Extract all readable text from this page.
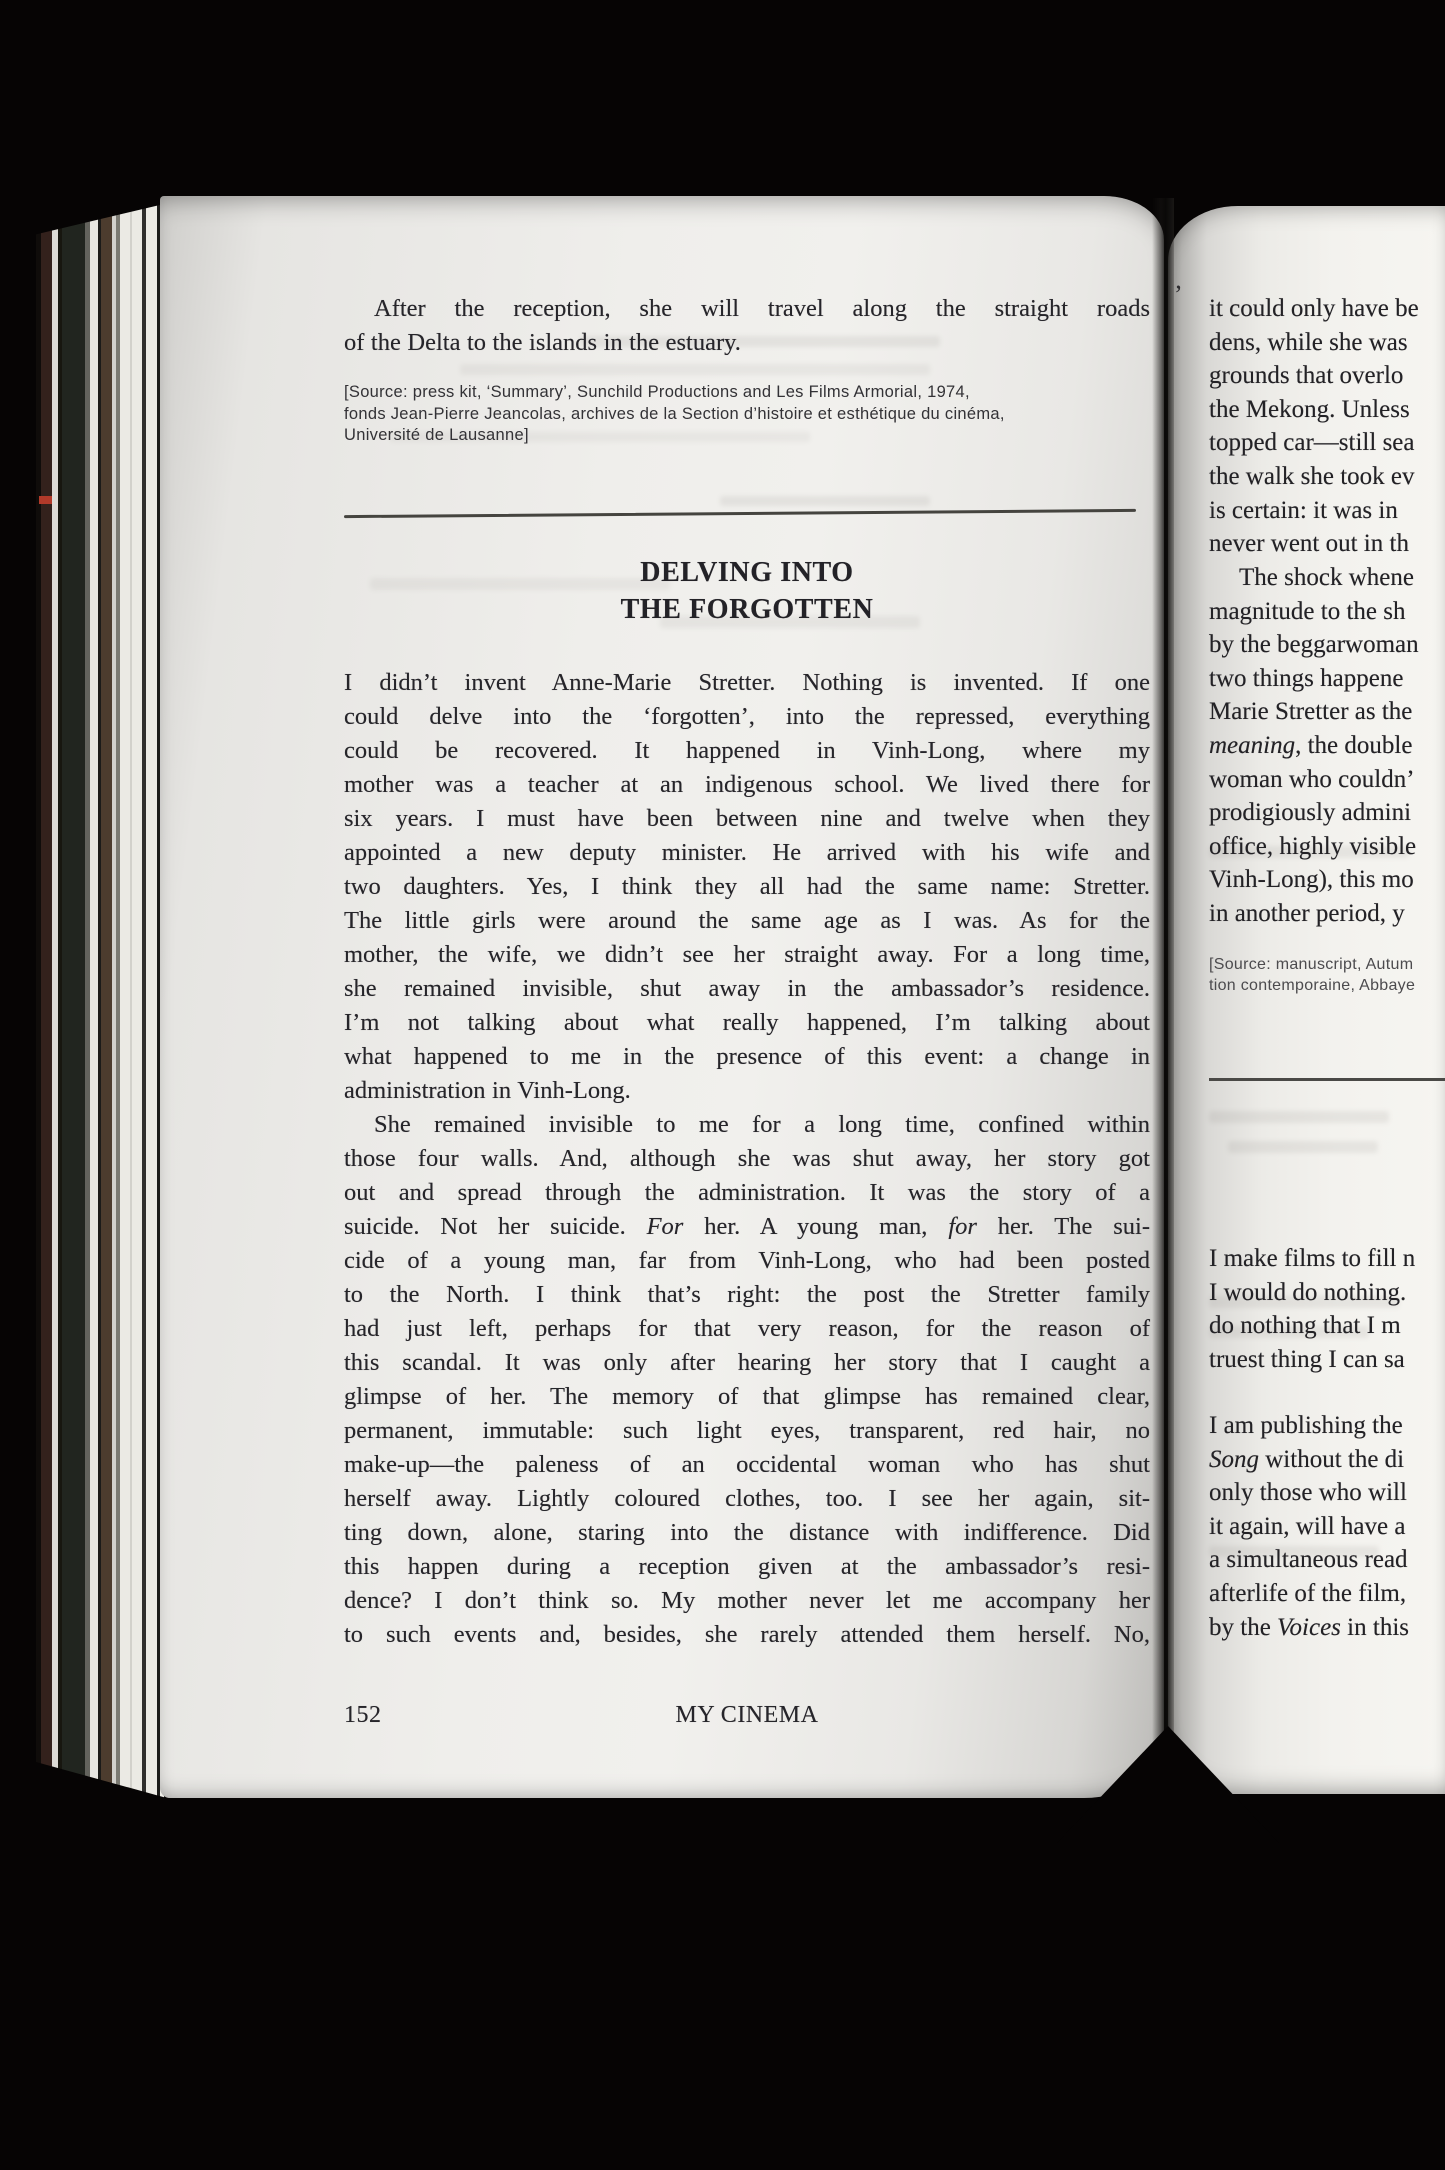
After the reception, she will travel along the straight roads
of the Delta to the islands in the estuary.
[Source: press kit, ‘Summary’, Sunchild Productions and Les Films Armorial, 1974,
fonds Jean-Pierre Jeancolas, archives de la Section d’histoire et esthétique du cinéma,
Université de Lausanne]
DELVING INTO
THE FORGOTTEN
I didn’t invent Anne-Marie Stretter. Nothing is invented. If one
could delve into the ‘forgotten’, into the repressed, everything
could be recovered. It happened in Vinh-Long, where my
mother was a teacher at an indigenous school. We lived there for
six years. I must have been between nine and twelve when they
appointed a new deputy minister. He arrived with his wife and
two daughters. Yes, I think they all had the same name: Stretter.
The little girls were around the same age as I was. As for the
mother, the wife, we didn’t see her straight away. For a long time,
she remained invisible, shut away in the ambassador’s residence.
I’m not talking about what really happened, I’m talking about
what happened to me in the presence of this event: a change in
administration in Vinh-Long.
She remained invisible to me for a long time, confined within
those four walls. And, although she was shut away, her story got
out and spread through the administration. It was the story of a
suicide. Not her suicide. For her. A young man, for her. The sui-
cide of a young man, far from Vinh-Long, who had been posted
to the North. I think that’s right: the post the Stretter family
had just left, perhaps for that very reason, for the reason of
this scandal. It was only after hearing her story that I caught a
glimpse of her. The memory of that glimpse has remained clear,
permanent, immutable: such light eyes, transparent, red hair, no
make-up—the paleness of an occidental woman who has shut
herself away. Lightly coloured clothes, too. I see her again, sit-
ting down, alone, staring into the distance with indifference. Did
this happen during a reception given at the ambassador’s resi-
dence? I don’t think so. My mother never let me accompany her
to such events and, besides, she rarely attended them herself. No,
152	MY CINEMA
’ it could only have be
dens, while she was
grounds that overlo
the Mekong. Unless
topped car—still sea
the walk she took ev
is certain: it was in
never went out in th
The shock whene
magnitude to the sh
by the beggarwoman
two things happene
Marie Stretter as the
meaning, the double
woman who couldn’
prodigiously admini
office, highly visible
Vinh-Long), this mo
in another period, y
[Source: manuscript, Autum
tion contemporaine, Abbaye
I make films to fill n
I would do nothing.
do nothing that I m
truest thing I can sa
I am publishing the
Song without the di
only those who will
it again, will have a
a simultaneous read
afterlife of the film,
by the Voices in this
